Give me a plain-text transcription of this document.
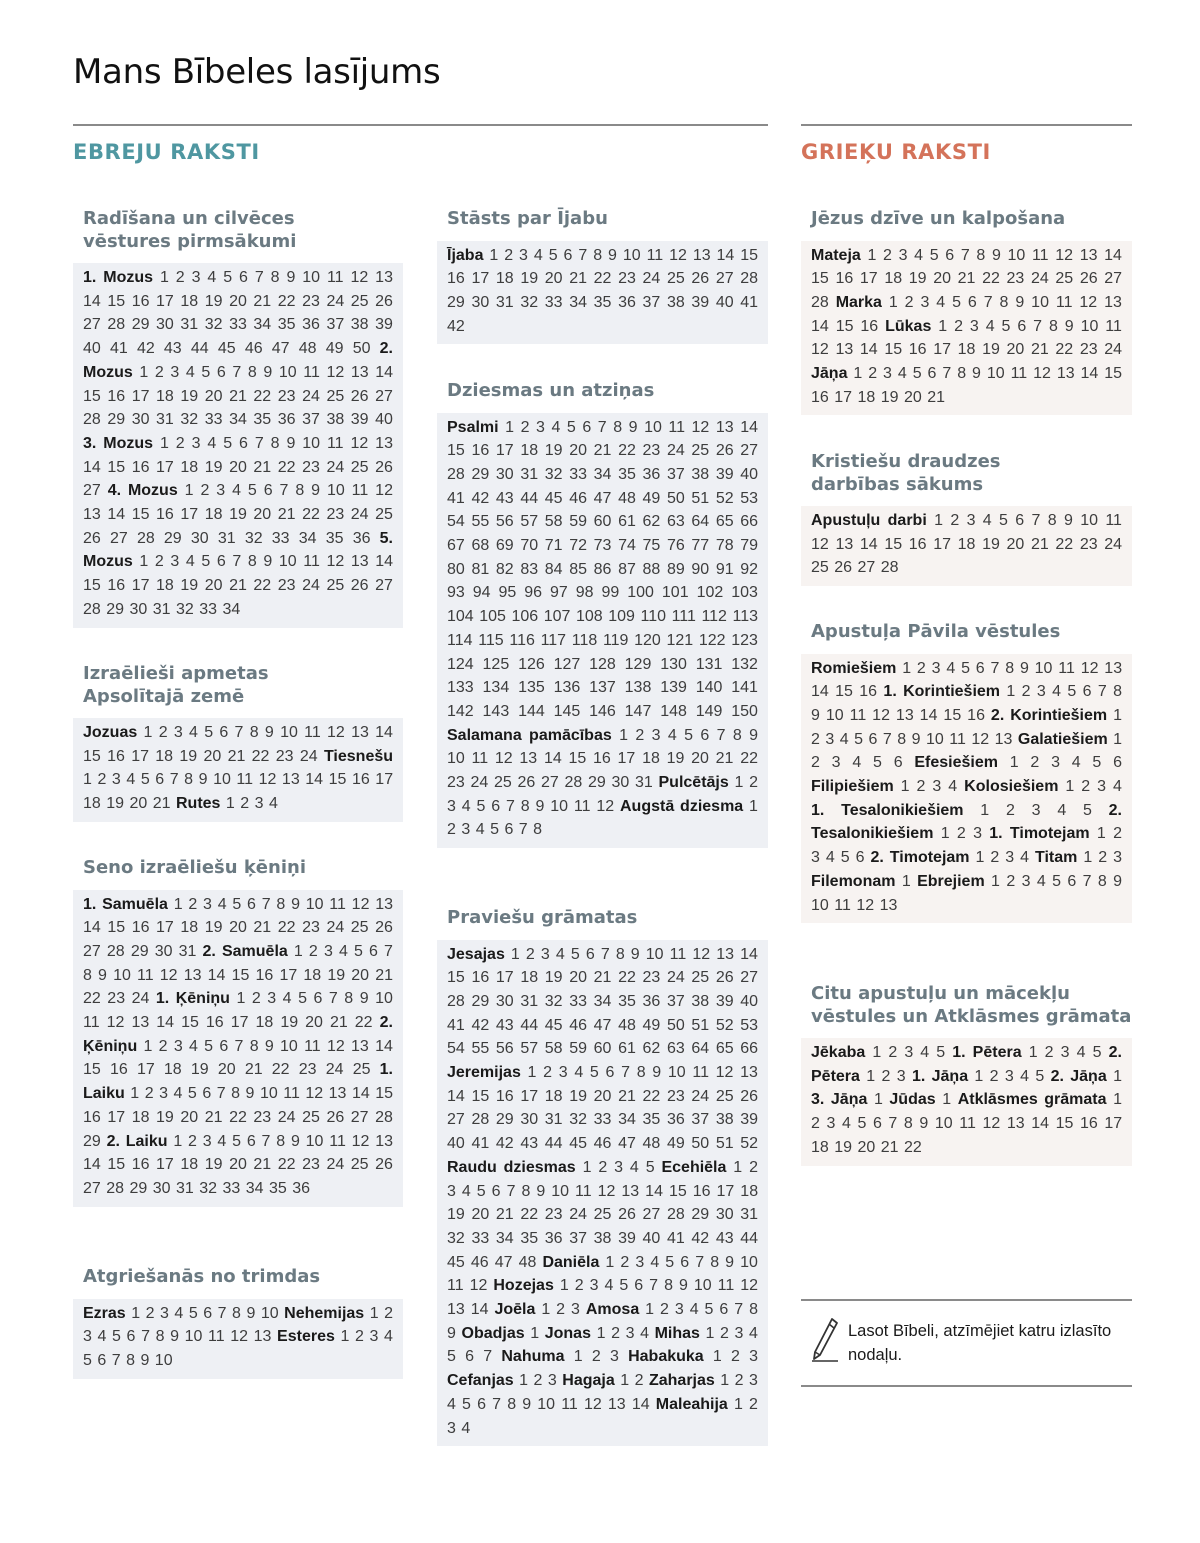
Mans Bībeles lasījums
EBREJU RAKSTI	GRIEĶU RAKSTI
Radīšana un cilvēces
vēstures pirmsākumi
1. Mozus 1 2 3 4 5 6 7 8 9 10 11 12 13 14 15 16 17 18 19 20 21 22 23 24 25 26 27 28 29 30 31 32 33 34 35 36 37 38 39 40 41 42 43 44 45 46 47 48 49 50 2. Mozus 1 2 3 4 5 6 7 8 9 10 11 12 13 14 15 16 17 18 19 20 21 22 23 24 25 26 27 28 29 30 31 32 33 34 35 36 37 38 39 40 3. Mozus 1 2 3 4 5 6 7 8 9 10 11 12 13 14 15 16 17 18 19 20 21 22 23 24 25 26 27 4. Mozus 1 2 3 4 5 6 7 8 9 10 11 12 13 14 15 16 17 18 19 20 21 22 23 24 25 26 27 28 29 30 31 32 33 34 35 36 5. Mozus 1 2 3 4 5 6 7 8 9 10 11 12 13 14 15 16 17 18 19 20 21 22 23 24 25 26 27 28 29 30 31 32 33 34
Izraēlieši apmetas
Apsolītajā zemē
Jozuas 1 2 3 4 5 6 7 8 9 10 11 12 13 14 15 16 17 18 19 20 21 22 23 24 Tiesnešu 1 2 3 4 5 6 7 8 9 10 11 12 13 14 15 16 17 18 19 20 21 Rutes 1 2 3 4
Seno izraēliešu ķēniņi
1. Samuēla 1 2 3 4 5 6 7 8 9 10 11 12 13 14 15 16 17 18 19 20 21 22 23 24 25 26 27 28 29 30 31 2. Samuēla 1 2 3 4 5 6 7 8 9 10 11 12 13 14 15 16 17 18 19 20 21 22 23 24 1. Ķēniņu 1 2 3 4 5 6 7 8 9 10 11 12 13 14 15 16 17 18 19 20 21 22 2. Ķēniņu 1 2 3 4 5 6 7 8 9 10 11 12 13 14 15 16 17 18 19 20 21 22 23 24 25 1. Laiku 1 2 3 4 5 6 7 8 9 10 11 12 13 14 15 16 17 18 19 20 21 22 23 24 25 26 27 28 29 2. Laiku 1 2 3 4 5 6 7 8 9 10 11 12 13 14 15 16 17 18 19 20 21 22 23 24 25 26 27 28 29 30 31 32 33 34 35 36
Atgriešanās no trimdas
Ezras 1 2 3 4 5 6 7 8 9 10 Nehemijas 1 2 3 4 5 6 7 8 9 10 11 12 13 Esteres 1 2 3 4 5 6 7 8 9 10
Stāsts par Ījabu
Ījaba 1 2 3 4 5 6 7 8 9 10 11 12 13 14 15 16 17 18 19 20 21 22 23 24 25 26 27 28 29 30 31 32 33 34 35 36 37 38 39 40 41 42
Dziesmas un atziņas
Psalmi 1 2 3 4 5 6 7 8 9 10 11 12 13 14 15 16 17 18 19 20 21 22 23 24 25 26 27 28 29 30 31 32 33 34 35 36 37 38 39 40 41 42 43 44 45 46 47 48 49 50 51 52 53 54 55 56 57 58 59 60 61 62 63 64 65 66 67 68 69 70 71 72 73 74 75 76 77 78 79 80 81 82 83 84 85 86 87 88 89 90 91 92 93 94 95 96 97 98 99 100 101 102 103 104 105 106 107 108 109 110 111 112 113 114 115 116 117 118 119 120 121 122 123 124 125 126 127 128 129 130 131 132 133 134 135 136 137 138 139 140 141 142 143 144 145 146 147 148 149 150 Salamana pamācības 1 2 3 4 5 6 7 8 9 10 11 12 13 14 15 16 17 18 19 20 21 22 23 24 25 26 27 28 29 30 31 Pulcētājs 1 2 3 4 5 6 7 8 9 10 11 12 Augstā dziesma 1 2 3 4 5 6 7 8
Praviešu grāmatas
Jesajas 1 2 3 4 5 6 7 8 9 10 11 12 13 14 15 16 17 18 19 20 21 22 23 24 25 26 27 28 29 30 31 32 33 34 35 36 37 38 39 40 41 42 43 44 45 46 47 48 49 50 51 52 53 54 55 56 57 58 59 60 61 62 63 64 65 66 Jeremijas 1 2 3 4 5 6 7 8 9 10 11 12 13 14 15 16 17 18 19 20 21 22 23 24 25 26 27 28 29 30 31 32 33 34 35 36 37 38 39 40 41 42 43 44 45 46 47 48 49 50 51 52 Raudu dziesmas 1 2 3 4 5 Ecehiēla 1 2 3 4 5 6 7 8 9 10 11 12 13 14 15 16 17 18 19 20 21 22 23 24 25 26 27 28 29 30 31 32 33 34 35 36 37 38 39 40 41 42 43 44 45 46 47 48 Daniēla 1 2 3 4 5 6 7 8 9 10 11 12 Hozejas 1 2 3 4 5 6 7 8 9 10 11 12 13 14 Joēla 1 2 3 Amosa 1 2 3 4 5 6 7 8 9 Obadjas 1 Jonas 1 2 3 4 Mihas 1 2 3 4 5 6 7 Nahuma 1 2 3 Habakuka 1 2 3 Cefanjas 1 2 3 Hagaja 1 2 Zaharjas 1 2 3 4 5 6 7 8 9 10 11 12 13 14 Maleahija 1 2 3 4
Jēzus dzīve un kalpošana
Mateja 1 2 3 4 5 6 7 8 9 10 11 12 13 14 15 16 17 18 19 20 21 22 23 24 25 26 27 28 Marka 1 2 3 4 5 6 7 8 9 10 11 12 13 14 15 16 Lūkas 1 2 3 4 5 6 7 8 9 10 11 12 13 14 15 16 17 18 19 20 21 22 23 24 Jāņa 1 2 3 4 5 6 7 8 9 10 11 12 13 14 15 16 17 18 19 20 21
Kristiešu draudzes
darbības sākums
Apustuļu darbi 1 2 3 4 5 6 7 8 9 10 11 12 13 14 15 16 17 18 19 20 21 22 23 24 25 26 27 28
Apustuļa Pāvila vēstules
Romiešiem 1 2 3 4 5 6 7 8 9 10 11 12 13 14 15 16 1. Korintiešiem 1 2 3 4 5 6 7 8 9 10 11 12 13 14 15 16 2. Korintiešiem 1 2 3 4 5 6 7 8 9 10 11 12 13 Galatiešiem 1 2 3 4 5 6 Efesiešiem 1 2 3 4 5 6 Filipiešiem 1 2 3 4 Kolosiešiem 1 2 3 4 1. Tesalonikiešiem 1 2 3 4 5 2. Tesalonikiešiem 1 2 3 1. Timotejam 1 2 3 4 5 6 2. Timotejam 1 2 3 4 Titam 1 2 3 Filemonam 1 Ebrejiem 1 2 3 4 5 6 7 8 9 10 11 12 13
Citu apustuļu un mācekļu
vēstules un Atklāsmes grāmata
Jēkaba 1 2 3 4 5 1. Pētera 1 2 3 4 5 2. Pētera 1 2 3 1. Jāņa 1 2 3 4 5 2. Jāņa 1 3. Jāņa 1 Jūdas 1 Atklāsmes grāmata 1 2 3 4 5 6 7 8 9 10 11 12 13 14 15 16 17 18 19 20 21 22
Lasot Bībeli, atzīmējiet katru izlasīto nodaļu.
